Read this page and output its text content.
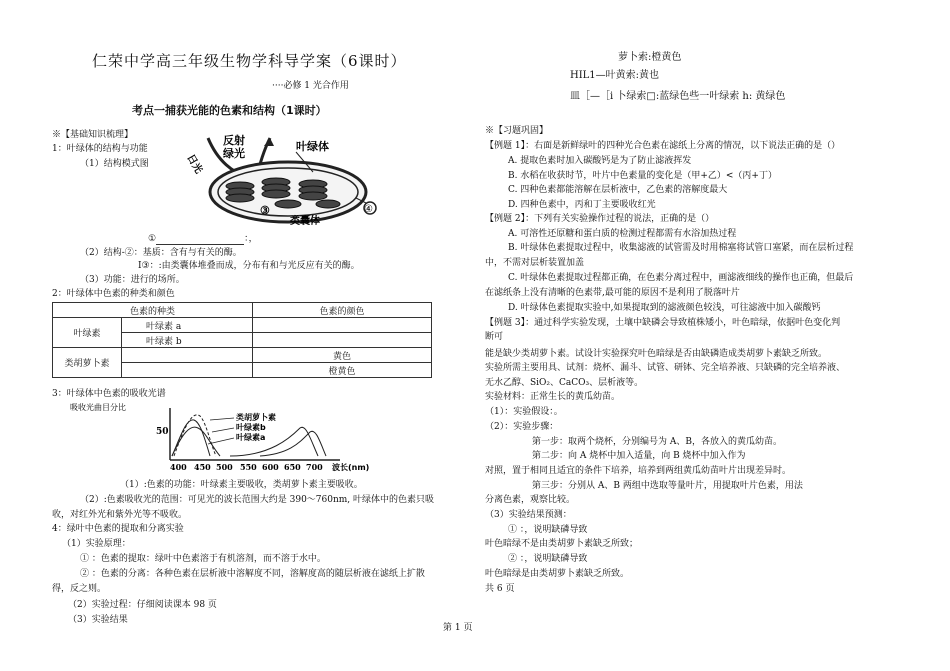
仁荣中学高三年级生物学科导学案（6课时）
····必修 1 光合作用
考点一捕获光能的色素和结构（1课时）
※【基础知识梳理】
1：叶绿体的结构与功能
（1）结构模式图
反射
绿光
日光
叶绿体
类囊体
③	④
①	：，
（2）结构-②：基质：含有与有关的酶。
I③：:由类囊体堆叠而成，分布有和与光反应有关的酶。
（3）功能：进行的场所。
2：叶绿体中色素的种类和颜色
色素的种类		色素的颜色
叶绿素	叶绿素 a	
	叶绿素 b	
类胡萝卜素		黄色
		橙黄色
3：叶绿体中色素的吸收光谱
吸收光曲目分比
50
类胡萝卜素
叶绿素b
叶绿素a
400 450 500 550 600 650 700 波长(nm)
（1）:色素的功能：叶绿素主要吸收，类胡萝卜素主要吸收。
（2）:色素吸收光的范围：可见光的波长范围大约是 390～760nm, 叶绿体中的色素只吸
收，对红外光和紫外光等不吸收。
4：绿叶中色素的提取和分离实验
（1）实验原理：
① ：色素的提取：绿叶中色素溶于有机溶剂，而不溶于水中。
② ：色素的分离：各种色素在层析液中溶解度不同，溶解度高的随层析液在滤纸上扩散
得，反之则。
（2）实验过程：仔细阅读课本 98 页
（3）实验结果
第 1 页
萝卜索:橙黄色
HIL1—叶黄索:黄也
皿［—［i 卜绿索□:蓝绿色些一叶绿索 h: 黄绿色
※【习题巩固】
【例题 1】：右面是新鲜绿叶的四种光合色素在滤纸上分离的情况，以下说法正确的是（）
A. 提取色素时加入碳酸钙是为了防止滤液挥发
B. 水稻在收获时节，叶片中色素量的变化是（甲+乙）<（丙+丁）
C. 四种色素都能溶解在层析液中，乙色素的溶解度最大
D. 四种色素中，丙和丁主要吸收红光
【例题 2】：下列有关实验操作过程的说法，正确的是（）
A. 可溶性还原糖和蛋白质的检测过程都需有水浴加热过程
B. 叶绿体色素提取过程中，收集滤液的试管需及时用棉塞将试管口塞紧，而在层析过程
中，不需对层析装置加盖
C. 叶绿体色素提取过程都正确，在色素分离过程中，画滤液细线的操作也正确，但最后
在滤纸条上没有清晰的色素带,最可能的原因不是利用了脱落叶片
D. 叶绿体色素提取实验中,如果提取到的滤液颜色较浅，可往滤液中加入碳酸钙
【例题 3】：通过科学实验发现，土壤中缺磷会导致植株矮小，叶色暗绿，依据叶色变化判
断可
能是缺少类胡萝卜素。试设计实验探究叶色暗绿是否由缺磷造成类胡萝卜素缺乏所致。
实验所需主要用具、试剂：烧杯、漏斗、试管、研钵、完全培养液、只缺磷的完全培养液、
无水乙醇、SiO₂、CaCO₃、层析液等。
实验材料：正常生长的黄瓜幼苗。
（1）：实验假设：。
（2）：实验步骤：
第一步：取两个烧杯，分别编号为 A、B，各放入的黄瓜幼苗。
第二步：向 A 烧杯中加入适量，向 B 烧杯中加入作为
对照，置于相同且适宜的条件下培养，培养到两组黄瓜幼苗叶片出现差异时。
第三步：分别从 A、B 两组中选取等量叶片，用提取叶片色素，用法
分离色素，观察比较。
（3）实验结果预测：
① ：，说明缺磷导致
叶色暗绿不是由类胡萝卜素缺乏所致；
② ：，说明缺磷导致
叶色暗绿是由类胡萝卜素缺乏所致。
共 6 页
